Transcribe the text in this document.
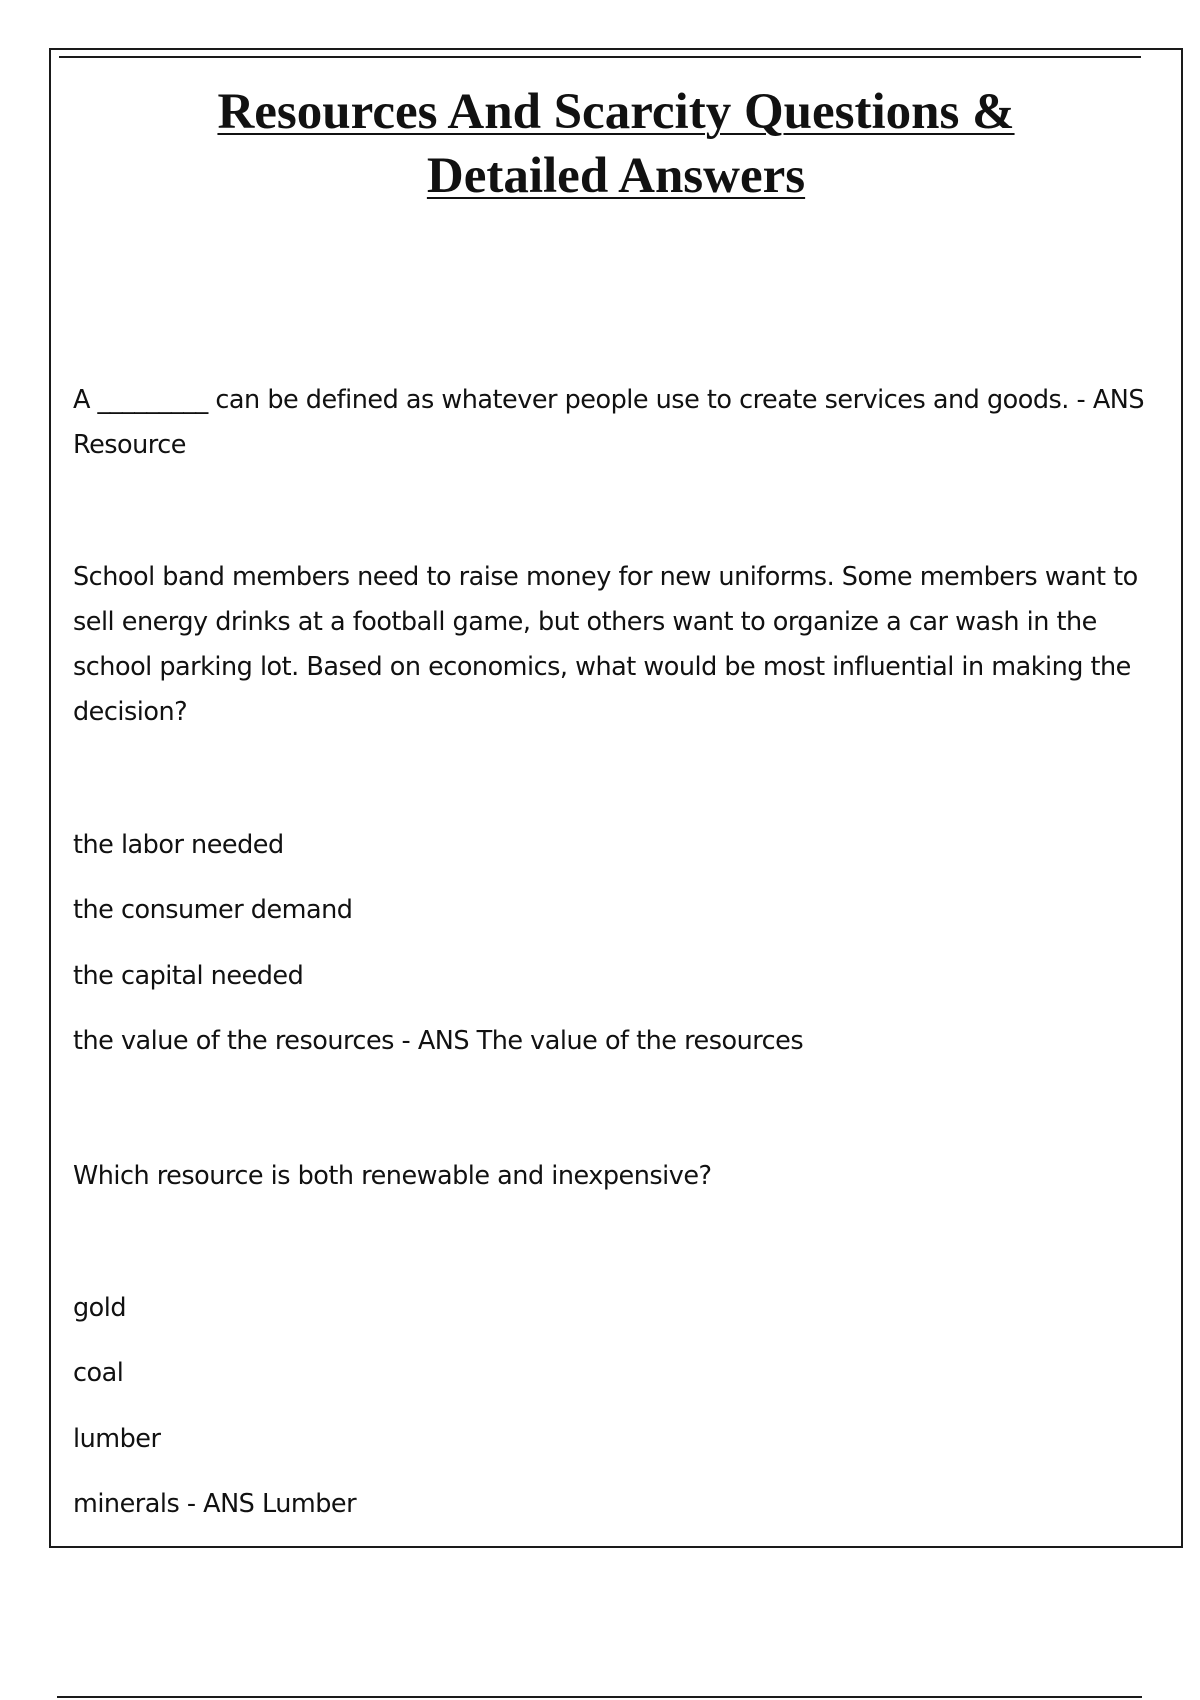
Resources And Scarcity Questions &
Detailed Answers
A _________ can be defined as whatever people use to create services and goods. - ANS Resource
School band members need to raise money for new uniforms. Some members want to sell energy drinks at a football game, but others want to organize a car wash in the school parking lot. Based on economics, what would be most influential in making the decision?
the labor needed
the consumer demand
the capital needed
the value of the resources - ANS The value of the resources
Which resource is both renewable and inexpensive?
gold
coal
lumber
minerals - ANS Lumber
